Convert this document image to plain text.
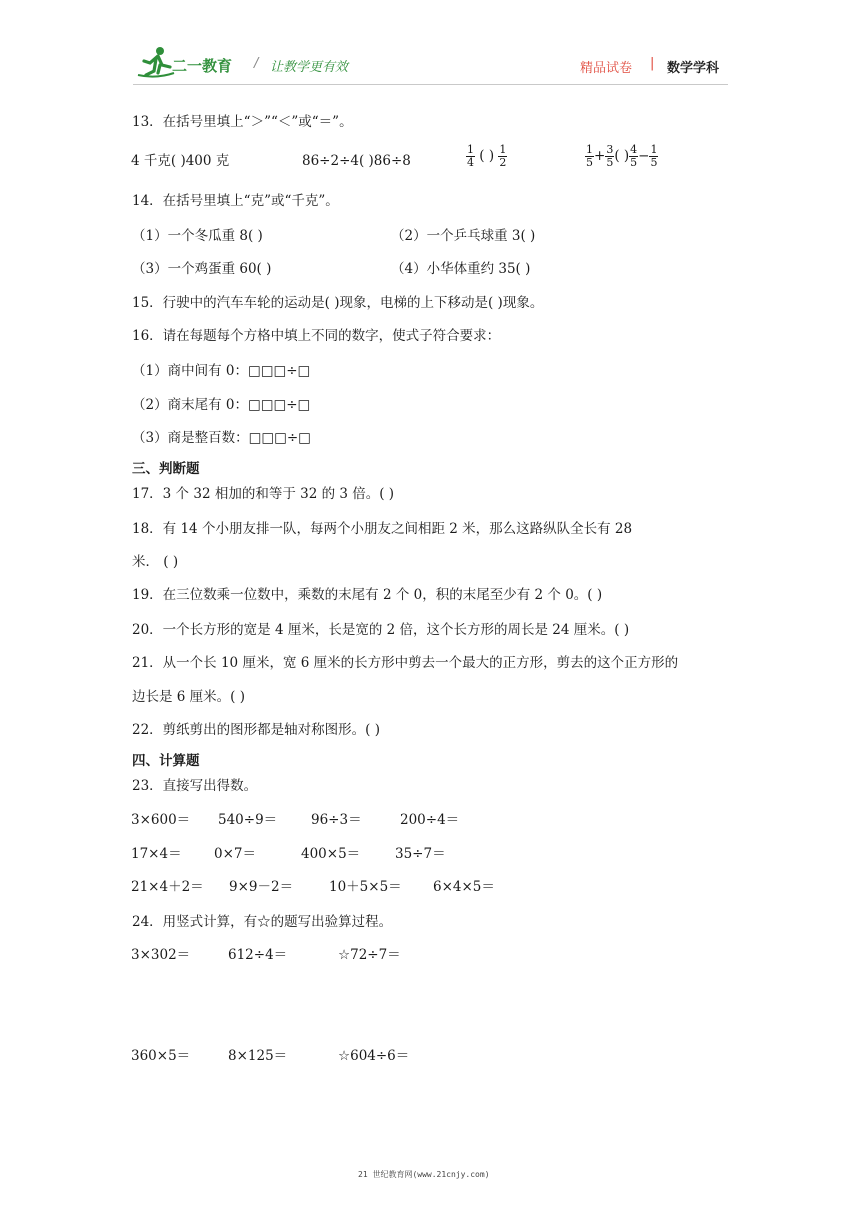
二一教育 / 让教学更有效	精品试卷 | 数学学科
13．在括号里填上“＞”“＜”或“＝”。
4 千克( )400 克	86÷2÷4( )86÷8	$\frac{1}{4}$ ( ) $\frac{1}{2}$	$\frac{1}{5} + \frac{3}{5}$ ( ) $\frac{4}{5} - \frac{1}{5}$
14．在括号里填上“克”或“千克”。
（1）一个冬瓜重 8( )	（2）一个乒乓球重 3( )
（3）一个鸡蛋重 60( )	（4）小华体重约 35( )
15．行驶中的汽车车轮的运动是( )现象，电梯的上下移动是( )现象。
16．请在每题每个方格中填上不同的数字，使式子符合要求：
（1）商中间有 0：□□□÷□
（2）商末尾有 0：□□□÷□
（3）商是整百数：□□□÷□
三、判断题
17．3 个 32 相加的和等于 32 的 3 倍。( )
18．有 14 个小朋友排一队，每两个小朋友之间相距 2 米，那么这路纵队全长有 28
米． ( )
19．在三位数乘一位数中，乘数的末尾有 2 个 0，积的末尾至少有 2 个 0。( )
20．一个长方形的宽是 4 厘米，长是宽的 2 倍，这个长方形的周长是 24 厘米。( )
21．从一个长 10 厘米，宽 6 厘米的长方形中剪去一个最大的正方形，剪去的这个正方形的
边长是 6 厘米。( )
22．剪纸剪出的图形都是轴对称图形。( )
四、计算题
23．直接写出得数。
3×600＝ 540÷9＝	96÷3＝	200÷4＝
17×4＝ 0×7＝	400×5＝	35÷7＝
21×4＋2＝ 9×9－2＝	10＋5×5＝ 6×4×5＝
24．用竖式计算，有☆的题写出验算过程。
3×302＝	612÷4＝	☆72÷7＝
360×5＝	8×125＝	☆604÷6＝
21 世纪教育网(www.21cnjy.com)
